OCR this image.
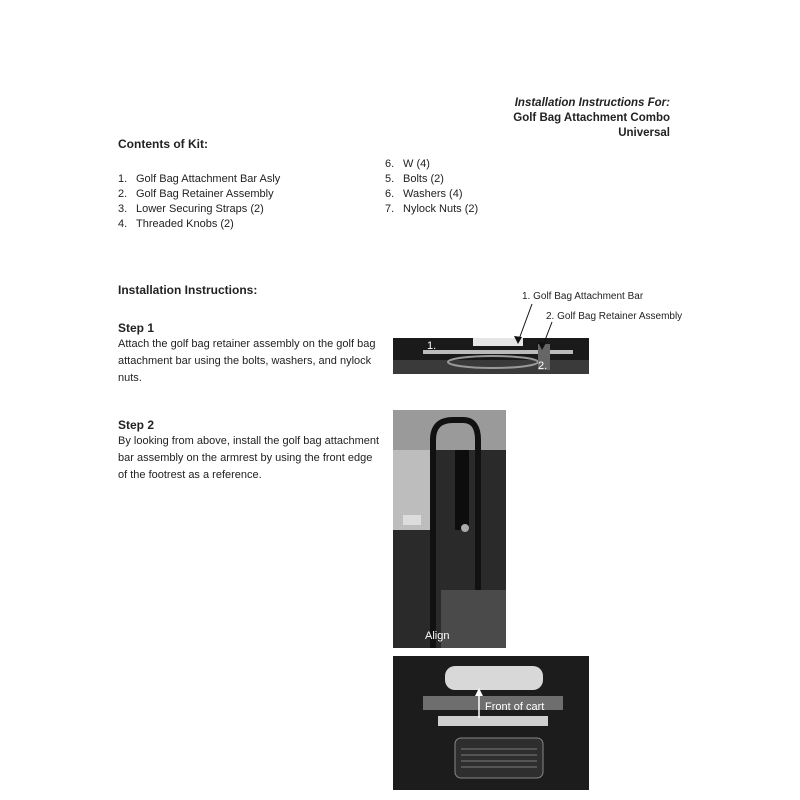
Installation Instructions For:
Golf Bag Attachment Combo
Universal
Contents of Kit:
1. Golf Bag Attachment Bar Asly
2. Golf Bag Retainer Assembly
3. Lower Securing Straps (2)
4. Threaded Knobs (2)
6. W (4)
5. Bolts (2)
6. Washers (4)
7. Nylock Nuts (2)
Installation Instructions:
Step 1
Attach the golf bag retainer assembly on the golf bag attachment bar using the bolts, washers, and nylock nuts.
Step 2
By looking from above, install the golf bag attachment bar assembly on the armrest by using the front edge of the footrest as a reference.
1. Golf Bag Attachment Bar
2. Golf Bag Retainer Assembly
1.
2.
Align
Front of cart
